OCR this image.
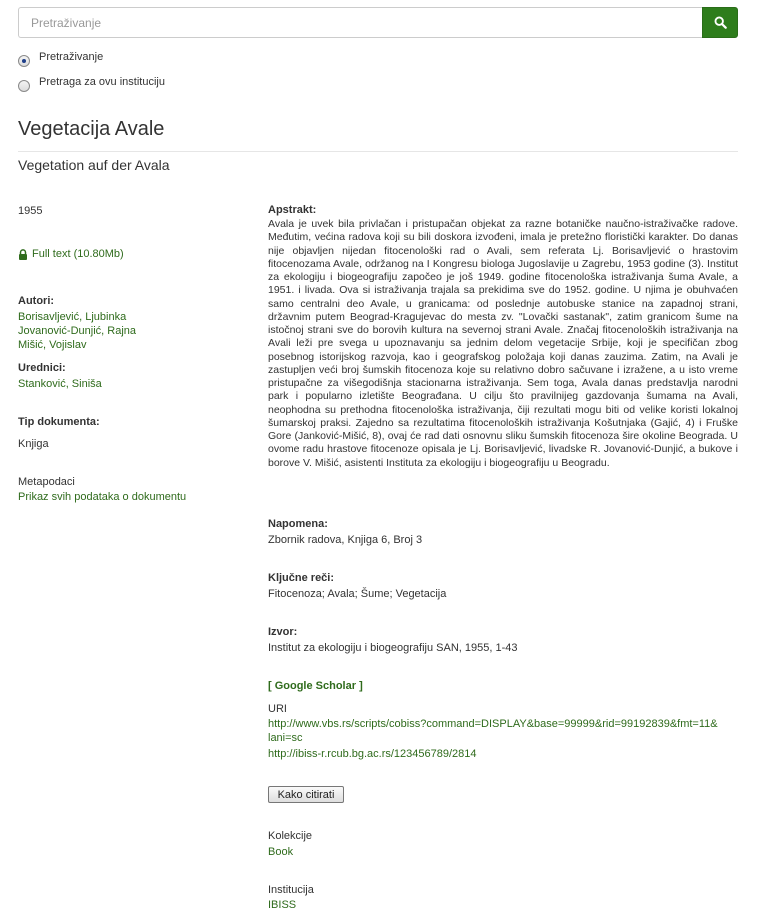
Pretraživanje
Pretraživanje
Pretraga za ovu instituciju
Vegetacija Avale
Vegetation auf der Avala
1955
Full text (10.80Mb)
Autori:
Borisavljević, Ljubinka
Jovanović-Dunjić, Rajna
Mišić, Vojislav
Urednici:
Stanković, Siniša
Tip dokumenta:
Knjiga
Metapodaci
Prikaz svih podataka o dokumentu
Apstrakt:
Avala je uvek bila privlačan i pristupačan objekat za razne botaničke naučno-istraživačke radove. Međutim, većina radova koji su bili doskora izvođeni, imala je pretežno floristički karakter. Do danas nije objavljen nijedan fitocenološki rad o Avali, sem referata Lj. Borisavljević o hrastovim fitocenozama Avale, održanog na I Kongresu biologa Jugoslavije u Zagrebu, 1953 godine (3). Institut za ekologiju i biogeografiju započeo je još 1949. godine fitocenološka istraživanja šuma Avale, a 1951. i livada. Ova si istraživanja trajala sa prekidima sve do 1952. godine. U njima je obuhvaćen samo centralni deo Avale, u granicama: od poslednje autobuske stanice na zapadnoj strani, državnim putem Beograd-Kragujevac do mesta zv. "Lovački sastanak", zatim granicom šume na istočnoj strani sve do borovih kultura na severnoj strani Avale. Značaj fitocenoloških istraživanja na Avali leži pre svega u upoznavanju sa jednim delom vegetacije Srbije, koji je specifičan zbog posebnog istorijskog razvoja, kao i geografskog položaja koji danas zauzima. Zatim, na Avali je zastupljen veći broj šumskih fitocenoza koje su relativno dobro sačuvane i izražene, a u isto vreme pristupačne za višegodišnja stacionarna istraživanja. Sem toga, Avala danas predstavlja narodni park i popularno izletište Beograđana. U cilju što pravilnijeg gazdovanja šumama na Avali, neophodna su prethodna fitocenološka istraživanja, čiji rezultati mogu biti od velike koristi lokalnoj šumarskoj praksi. Zajedno sa rezultatima fitocenoloških istraživanja Košutnjaka (Gajić, 4) i Fruške Gore (Janković-Mišić, 8), ovaj će rad dati osnovnu sliku šumskih fitocenoza šire okoline Beograda. U ovome radu hrastove fitocenoze opisala je Lj. Borisavljević, livadske R. Jovanović-Dunjić, a bukove i borove V. Mišić, asistenti Instituta za ekologiju i biogeografiju u Beogradu.
Napomena:
Zbornik radova, Knjiga 6, Broj 3
Ključne reči:
Fitocenoza; Avala; Šume; Vegetacija
Izvor:
Institut za ekologiju i biogeografiju SAN, 1955, 1-43
[ Google Scholar ]
URI
http://www.vbs.rs/scripts/cobiss?command=DISPLAY&base=99999&rid=99192839&fmt=11&
lani=sc
http://ibiss-r.rcub.bg.ac.rs/123456789/2814
Kako citirati
Kolekcije
Book
Institucija
IBISS
